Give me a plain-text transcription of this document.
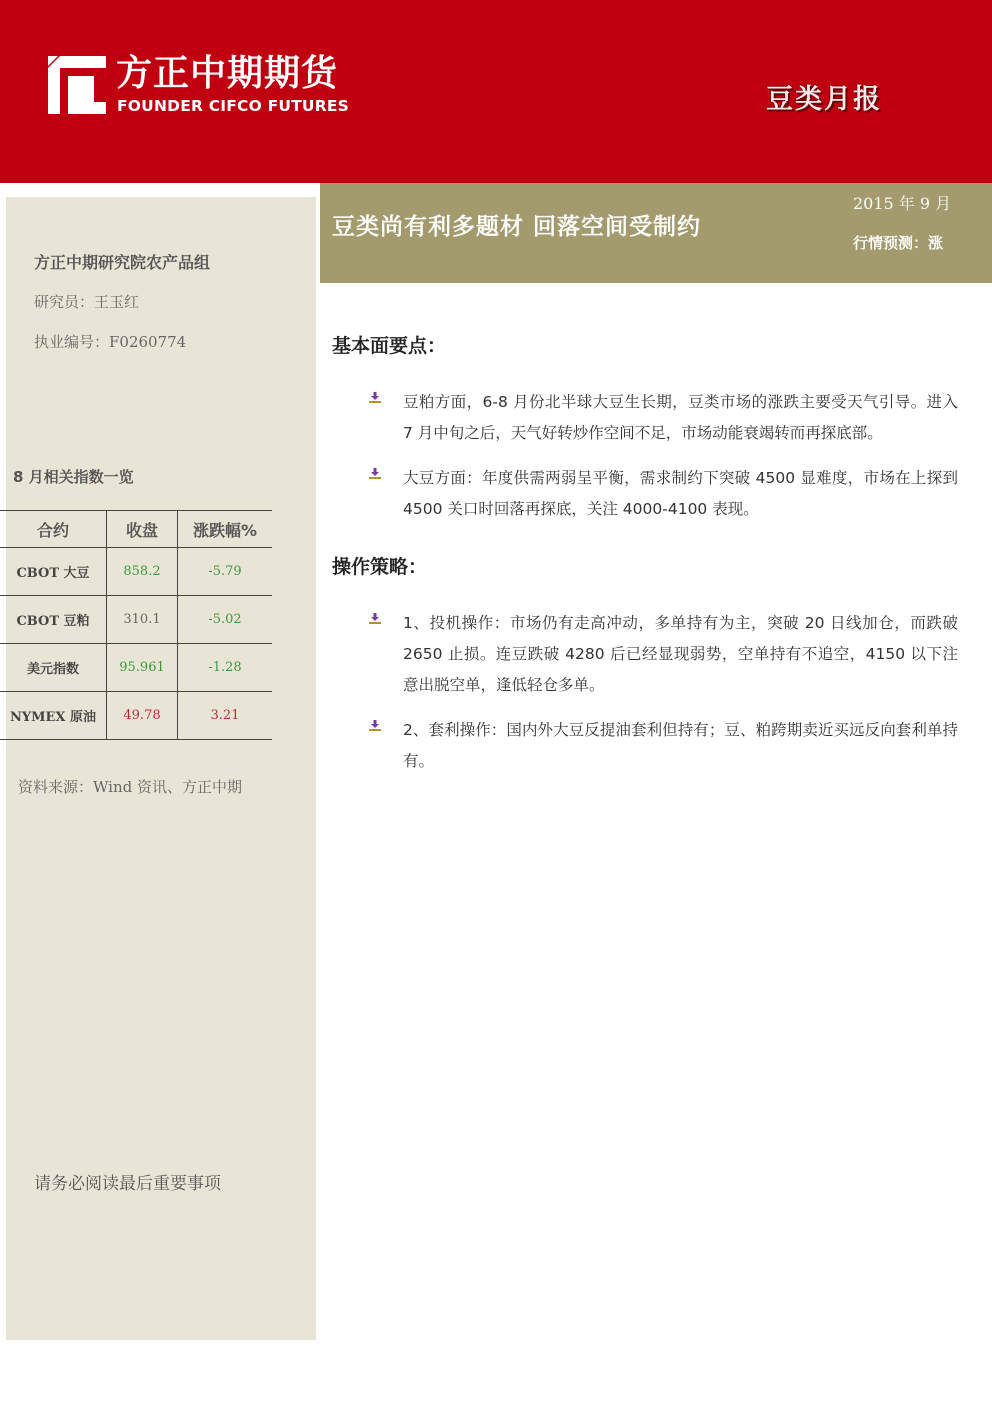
方正中期期货
FOUNDER CIFCO FUTURES	豆类月报
豆类尚有利多题材 回落空间受制约
2015 年 9 月
行情预测：涨
方正中期研究院农产品组
研究员：王玉红
执业编号：F0260774
8 月相关指数一览
合约	收盘	涨跌幅%
CBOT 大豆	858.2	-5.79
CBOT 豆粕	310.1	-5.02
美元指数	95.961	-1.28
NYMEX 原油	49.78	3.21
资料来源：Wind 资讯、方正中期
请务必阅读最后重要事项
基本面要点：
豆粕方面，6-8 月份北半球大豆生长期，豆类市场的涨跌主要受天气引导。进入 7 月中旬之后，天气好转炒作空间不足，市场动能衰竭转而再探底部。
大豆方面：年度供需两弱呈平衡，需求制约下突破 4500 显难度，市场在上探到 4500 关口时回落再探底，关注 4000-4100 表现。
操作策略：
1、投机操作：市场仍有走高冲动，多单持有为主，突破 20 日线加仓，而跌破 2650 止损。连豆跌破 4280 后已经显现弱势，空单持有不追空，4150 以下注意出脱空单，逢低轻仓多单。
2、套利操作：国内外大豆反提油套利但持有；豆、粕跨期卖近买远反向套利单持有。
